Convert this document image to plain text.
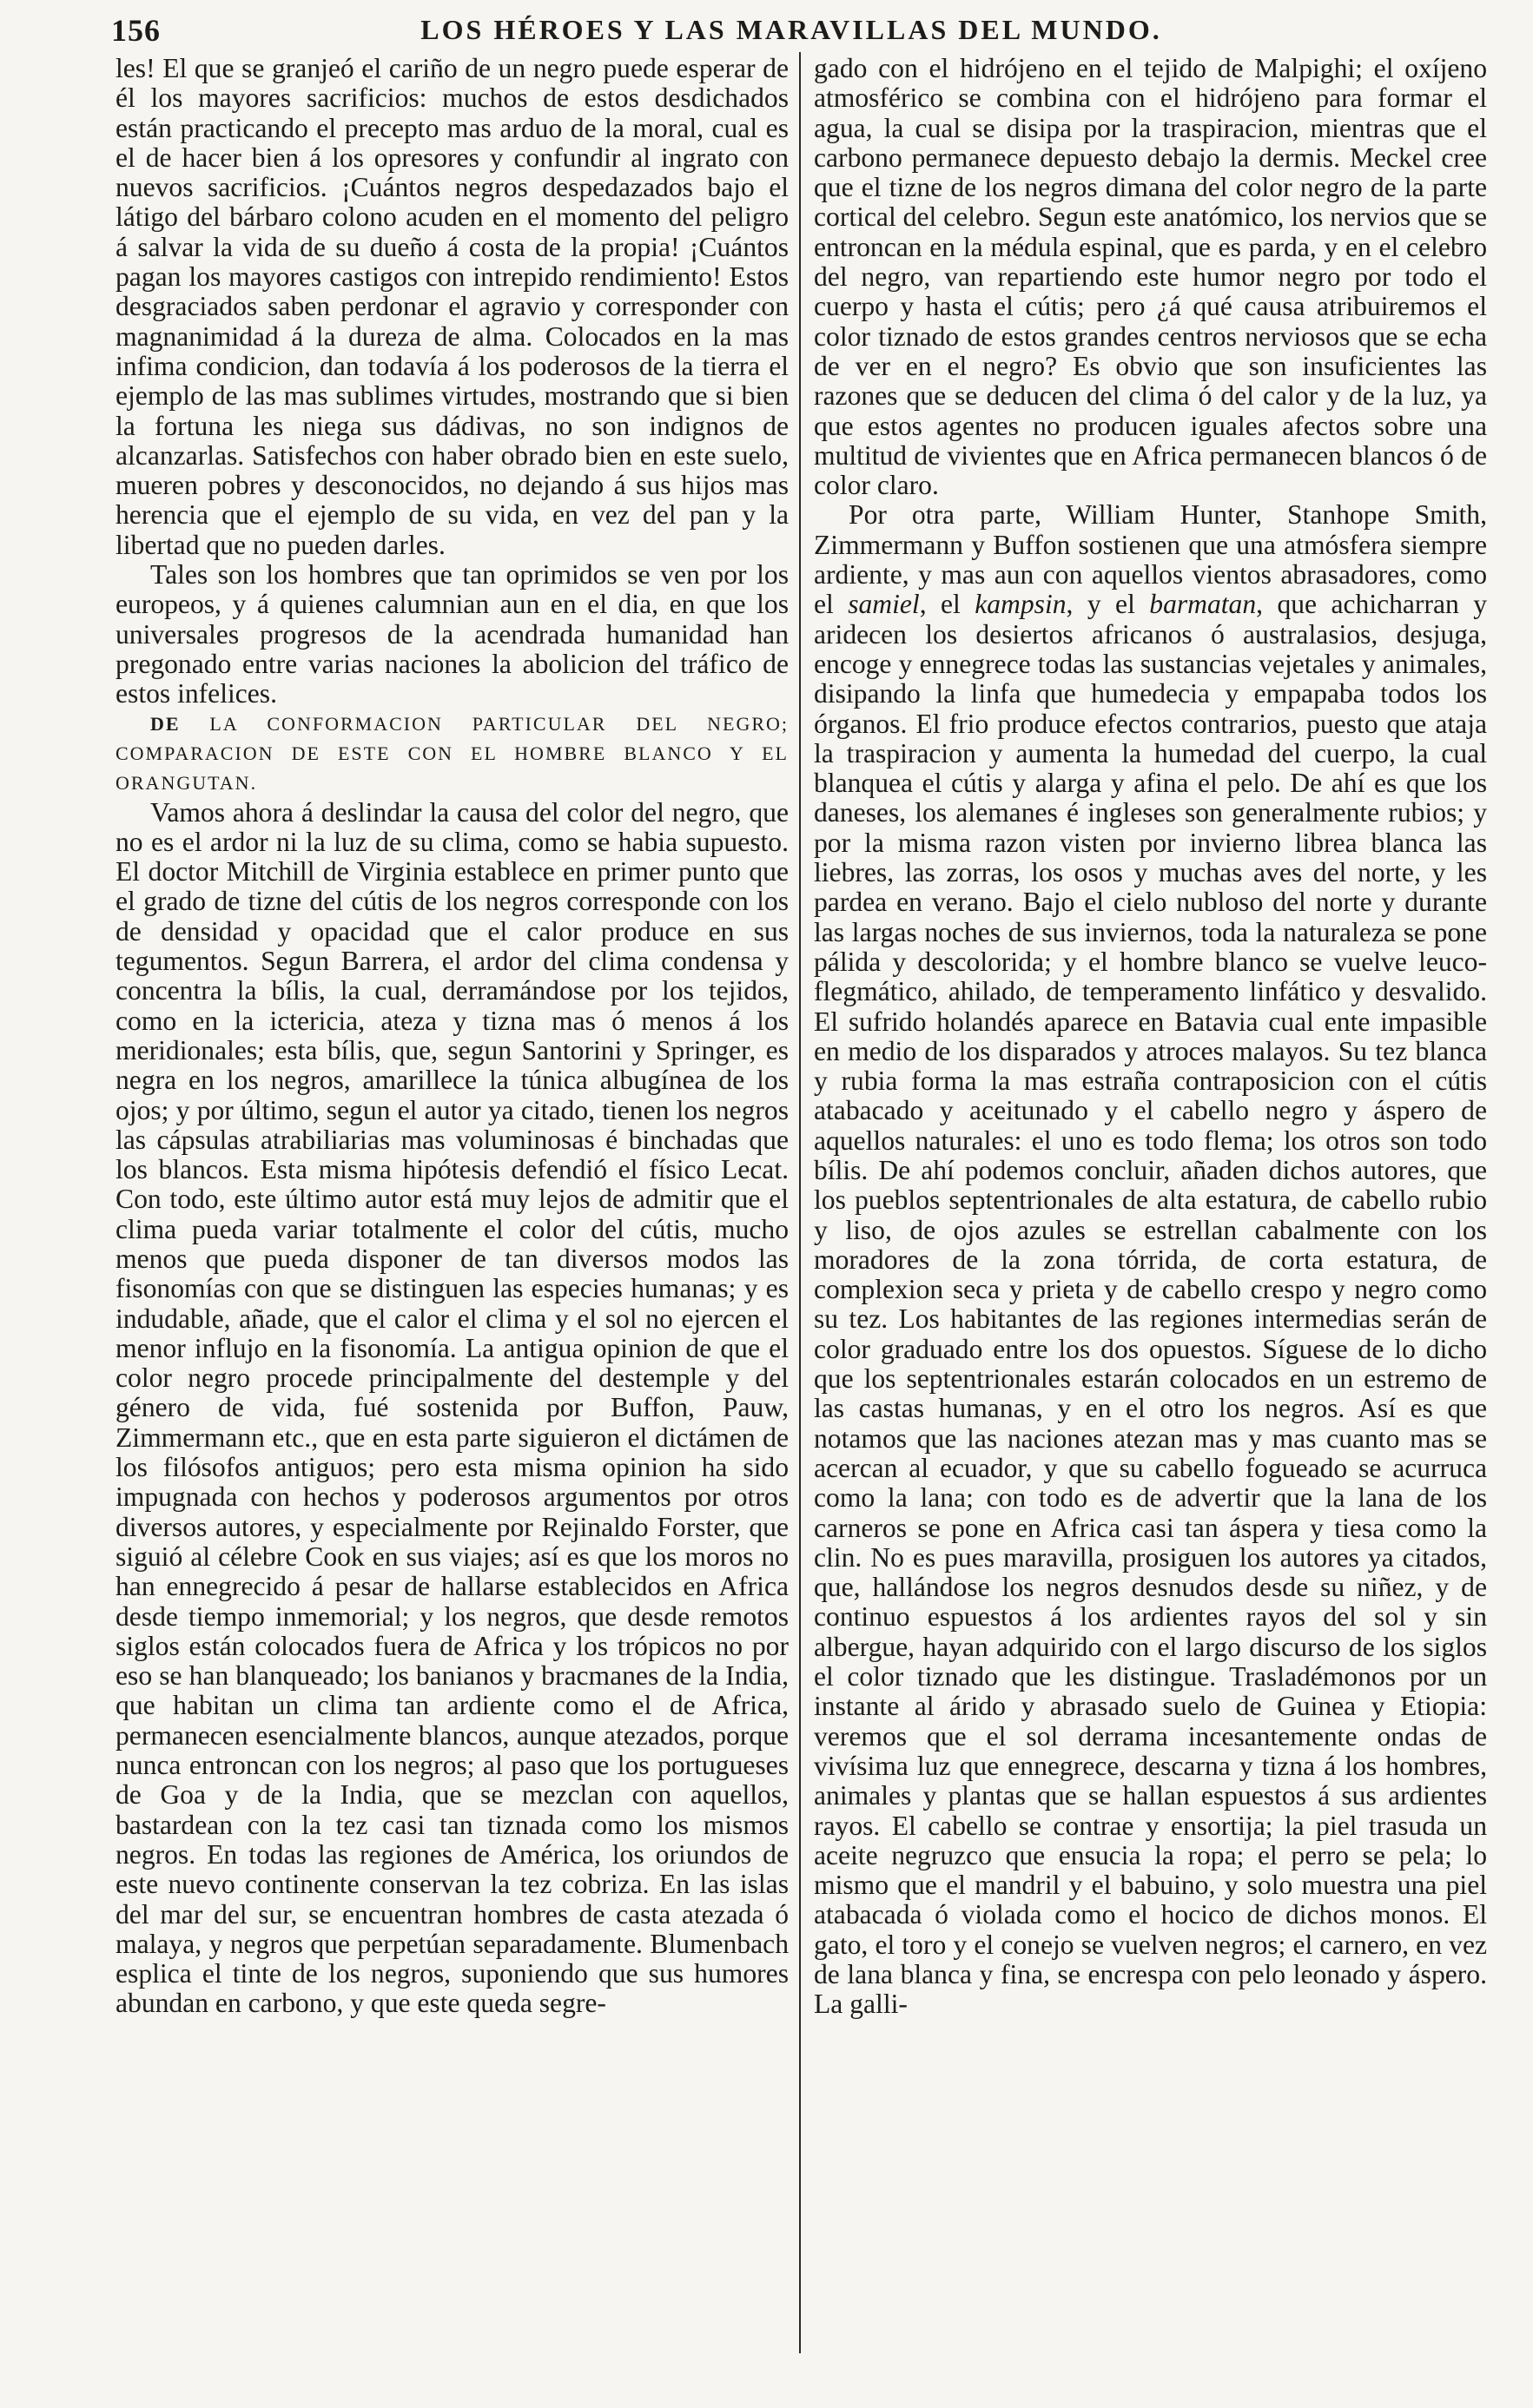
156	LOS HÉROES Y LAS MARAVILLAS DEL MUNDO.

les! El que se granjeó el cariño de un negro puede esperar de él los mayores sacrificios: muchos de estos desdichados están practicando el precepto mas arduo de la moral, cual es el de hacer bien á los opresores y confundir al ingrato con nuevos sacrificios. ¡Cuántos negros despedazados bajo el látigo del bárbaro colono acuden en el momento del peligro á salvar la vida de su dueño á costa de la propia! ¡Cuántos pagan los mayores castigos con intrepido rendimiento! Estos desgraciados saben perdonar el agravio y corresponder con magnanimidad á la dureza de alma. Colocados en la mas infima condicion, dan todavía á los poderosos de la tierra el ejemplo de las mas sublimes virtudes, mostrando que si bien la fortuna les niega sus dádivas, no son indignos de alcanzarlas. Satisfechos con haber obrado bien en este suelo, mueren pobres y desconocidos, no dejando á sus hijos mas herencia que el ejemplo de su vida, en vez del pan y la libertad que no pueden darles.

Tales son los hombres que tan oprimidos se ven por los europeos, y á quienes calumnian aun en el dia, en que los universales progresos de la acendrada humanidad han pregonado entre varias naciones la abolicion del tráfico de estos infelices.

DE LA CONFORMACION PARTICULAR DEL NEGRO; COMPARACION DE ESTE CON EL HOMBRE BLANCO Y EL ORANGUTAN.

Vamos ahora á deslindar la causa del color del negro, que no es el ardor ni la luz de su clima, como se habia supuesto. El doctor Mitchill de Virginia establece en primer punto que el grado de tizne del cútis de los negros corresponde con los de densidad y opacidad que el calor produce en sus tegumentos. Segun Barrera, el ardor del clima condensa y concentra la bílis, la cual, derramándose por los tejidos, como en la ictericia, ateza y tizna mas ó menos á los meridionales; esta bílis, que, segun Santorini y Springer, es negra en los negros, amarillece la túnica albugínea de los ojos; y por último, segun el autor ya citado, tienen los negros las cápsulas atrabiliarias mas voluminosas é binchadas que los blancos. Esta misma hipótesis defendió el físico Lecat. Con todo, este último autor está muy lejos de admitir que el clima pueda variar totalmente el color del cútis, mucho menos que pueda disponer de tan diversos modos las fisonomías con que se distinguen las especies humanas; y es indudable, añade, que el calor el clima y el sol no ejercen el menor influjo en la fisonomía. La antigua opinion de que el color negro procede principalmente del destemple y del género de vida, fué sostenida por Buffon, Pauw, Zimmermann etc., que en esta parte siguieron el dictámen de los filósofos antiguos; pero esta misma opinion ha sido impugnada con hechos y poderosos argumentos por otros diversos autores, y especialmente por Rejinaldo Forster, que siguió al célebre Cook en sus viajes; así es que los moros no han ennegrecido á pesar de hallarse establecidos en Africa desde tiempo inmemorial; y los negros, que desde remotos siglos están colocados fuera de Africa y los trópicos no por eso se han blanqueado; los banianos y bracmanes de la India, que habitan un clima tan ardiente como el de Africa, permanecen esencialmente blancos, aunque atezados, porque nunca entroncan con los negros; al paso que los portugueses de Goa y de la India, que se mezclan con aquellos, bastardean con la tez casi tan tiznada como los mismos negros. En todas las regiones de América, los oriundos de este nuevo continente conservan la tez cobriza. En las islas del mar del sur, se encuentran hombres de casta atezada ó malaya, y negros que perpetúan separadamente. Blumenbach esplica el tinte de los negros, suponiendo que sus humores abundan en carbono, y que este queda segre-

gado con el hidrójeno en el tejido de Malpighi; el oxíjeno atmosférico se combina con el hidrójeno para formar el agua, la cual se disipa por la traspiracion, mientras que el carbono permanece depuesto debajo la dermis. Meckel cree que el tizne de los negros dimana del color negro de la parte cortical del celebro. Segun este anatómico, los nervios que se entroncan en la médula espinal, que es parda, y en el celebro del negro, van repartiendo este humor negro por todo el cuerpo y hasta el cútis; pero ¿á qué causa atribuiremos el color tiznado de estos grandes centros nerviosos que se echa de ver en el negro? Es obvio que son insuficientes las razones que se deducen del clima ó del calor y de la luz, ya que estos agentes no producen iguales afectos sobre una multitud de vivientes que en Africa permanecen blancos ó de color claro.

Por otra parte, William Hunter, Stanhope Smith, Zimmermann y Buffon sostienen que una atmósfera siempre ardiente, y mas aun con aquellos vientos abrasadores, como el samiel, el kampsin, y el barmatan, que achicharran y aridecen los desiertos africanos ó australasios, desjuga, encoge y ennegrece todas las sustancias vejetales y animales, disipando la linfa que humedecia y empapaba todos los órganos. El frio produce efectos contrarios, puesto que ataja la traspiracion y aumenta la humedad del cuerpo, la cual blanquea el cútis y alarga y afina el pelo. De ahí es que los daneses, los alemanes é ingleses son generalmente rubios; y por la misma razon visten por invierno librea blanca las liebres, las zorras, los osos y muchas aves del norte, y les pardea en verano. Bajo el cielo nubloso del norte y durante las largas noches de sus inviernos, toda la naturaleza se pone pálida y descolorida; y el hombre blanco se vuelve leuco-flegmático, ahilado, de temperamento linfático y desvalido. El sufrido holandés aparece en Batavia cual ente impasible en medio de los disparados y atroces malayos. Su tez blanca y rubia forma la mas estraña contraposicion con el cútis atabacado y aceitunado y el cabello negro y áspero de aquellos naturales: el uno es todo flema; los otros son todo bílis. De ahí podemos concluir, añaden dichos autores, que los pueblos septentrionales de alta estatura, de cabello rubio y liso, de ojos azules se estrellan cabalmente con los moradores de la zona tórrida, de corta estatura, de complexion seca y prieta y de cabello crespo y negro como su tez. Los habitantes de las regiones intermedias serán de color graduado entre los dos opuestos. Síguese de lo dicho que los septentrionales estarán colocados en un estremo de las castas humanas, y en el otro los negros. Así es que notamos que las naciones atezan mas y mas cuanto mas se acercan al ecuador, y que su cabello fogueado se acurruca como la lana; con todo es de advertir que la lana de los carneros se pone en Africa casi tan áspera y tiesa como la clin. No es pues maravilla, prosiguen los autores ya citados, que, hallándose los negros desnudos desde su niñez, y de continuo espuestos á los ardientes rayos del sol y sin albergue, hayan adquirido con el largo discurso de los siglos el color tiznado que les distingue. Trasladémonos por un instante al árido y abrasado suelo de Guinea y Etiopia: veremos que el sol derrama incesantemente ondas de vivísima luz que ennegrece, descarna y tizna á los hombres, animales y plantas que se hallan espuestos á sus ardientes rayos. El cabello se contrae y ensortija; la piel trasuda un aceite negruzco que ensucia la ropa; el perro se pela; lo mismo que el mandril y el babuino, y solo muestra una piel atabacada ó violada como el hocico de dichos monos. El gato, el toro y el conejo se vuelven negros; el carnero, en vez de lana blanca y fina, se encrespa con pelo leonado y áspero. La galli-
